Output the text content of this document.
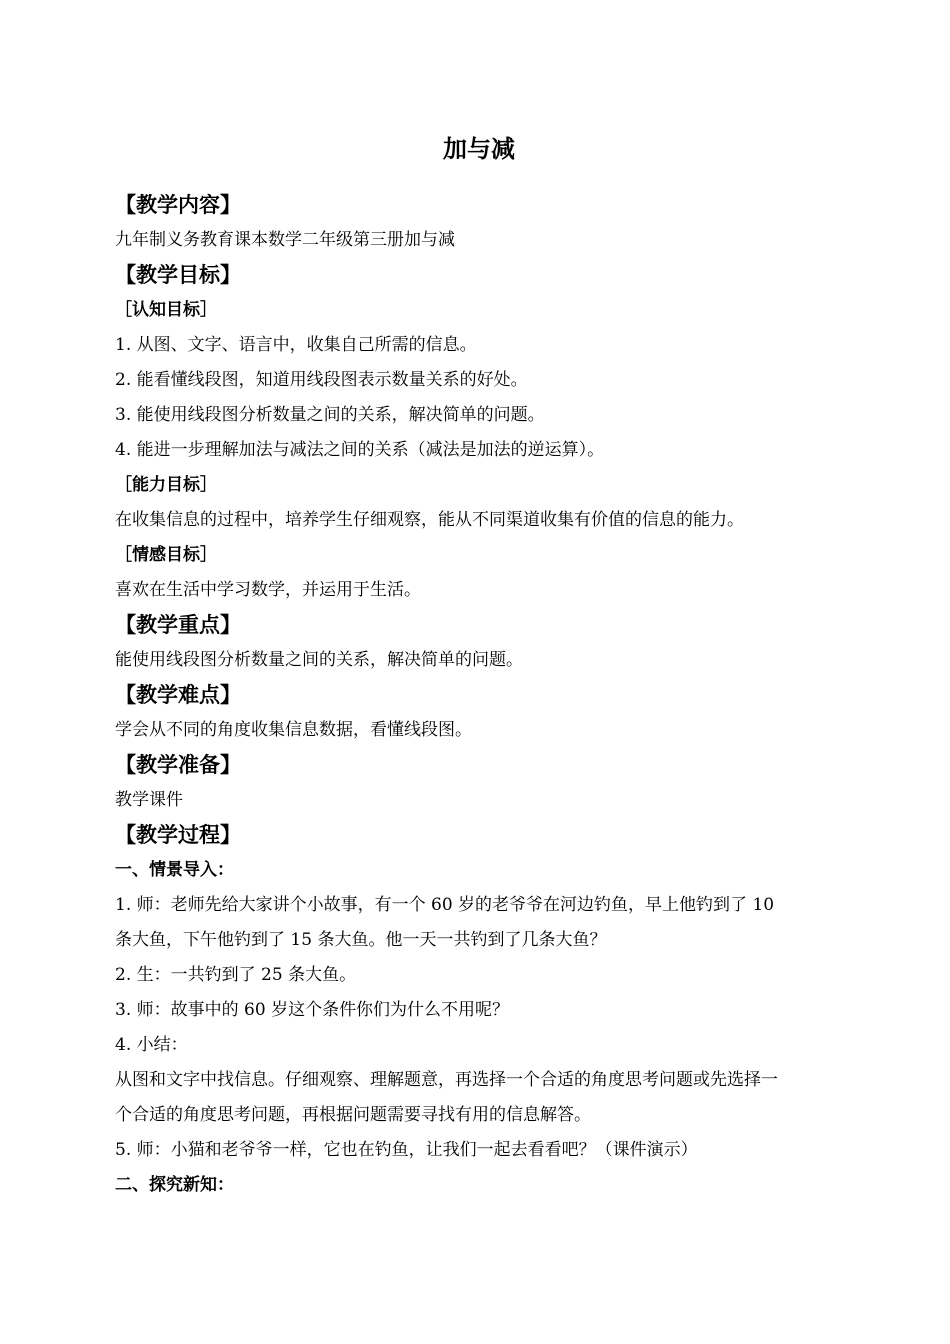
加与减
【教学内容】
九年制义务教育课本数学二年级第三册加与减
【教学目标】
［认知目标］
1. 从图、文字、语言中，收集自己所需的信息。
2. 能看懂线段图，知道用线段图表示数量关系的好处。
3. 能使用线段图分析数量之间的关系，解决简单的问题。
4. 能进一步理解加法与减法之间的关系（减法是加法的逆运算）。
［能力目标］
在收集信息的过程中，培养学生仔细观察，能从不同渠道收集有价值的信息的能力。
［情感目标］
喜欢在生活中学习数学，并运用于生活。
【教学重点】
能使用线段图分析数量之间的关系，解决简单的问题。
【教学难点】
学会从不同的角度收集信息数据，看懂线段图。
【教学准备】
教学课件
【教学过程】
一、情景导入：
1. 师：老师先给大家讲个小故事，有一个 60 岁的老爷爷在河边钓鱼，早上他钓到了 10
条大鱼，下午他钓到了 15 条大鱼。他一天一共钓到了几条大鱼？
2. 生：一共钓到了 25 条大鱼。
3. 师：故事中的 60 岁这个条件你们为什么不用呢？
4. 小结：
从图和文字中找信息。仔细观察、理解题意，再选择一个合适的角度思考问题或先选择一
个合适的角度思考问题，再根据问题需要寻找有用的信息解答。
5. 师：小猫和老爷爷一样，它也在钓鱼，让我们一起去看看吧？（课件演示）
二、探究新知：
